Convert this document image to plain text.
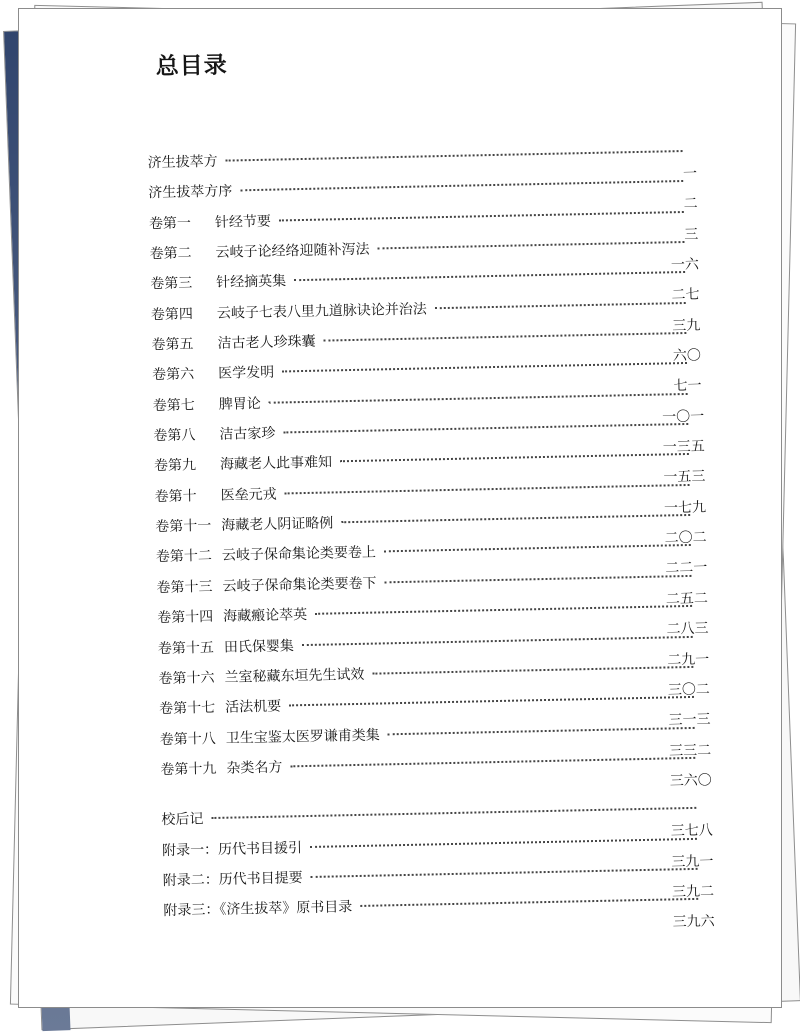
总目录
济生拔萃方
一
济生拔萃方序
二
卷第一 针经节要
三
卷第二 云岐子论经络迎随补泻法
一六
卷第三 针经摘英集
二七
卷第四 云岐子七表八里九道脉诀论并治法
三九
卷第五 洁古老人珍珠囊
六〇
卷第六 医学发明
七一
卷第七 脾胃论
一〇一
卷第八 洁古家珍
一三五
卷第九 海藏老人此事难知
一五三
卷第十 医垒元戎
一七九
卷第十一 海藏老人阴证略例
二〇二
卷第十二 云岐子保命集论类要卷上
二二一
卷第十三 云岐子保命集论类要卷下
二五二
卷第十四 海藏瘢论萃英
二八三
卷第十五 田氏保婴集
二九一
卷第十六 兰室秘藏东垣先生试效
三〇二
卷第十七 活法机要
三一三
卷第十八 卫生宝鉴太医罗谦甫类集
三三二
卷第十九 杂类名方
三六〇
校后记
三七八
附录一：历代书目援引
三九一
附录二：历代书目提要
三九二
附录三：《济生拔萃》原书目录
三九六
